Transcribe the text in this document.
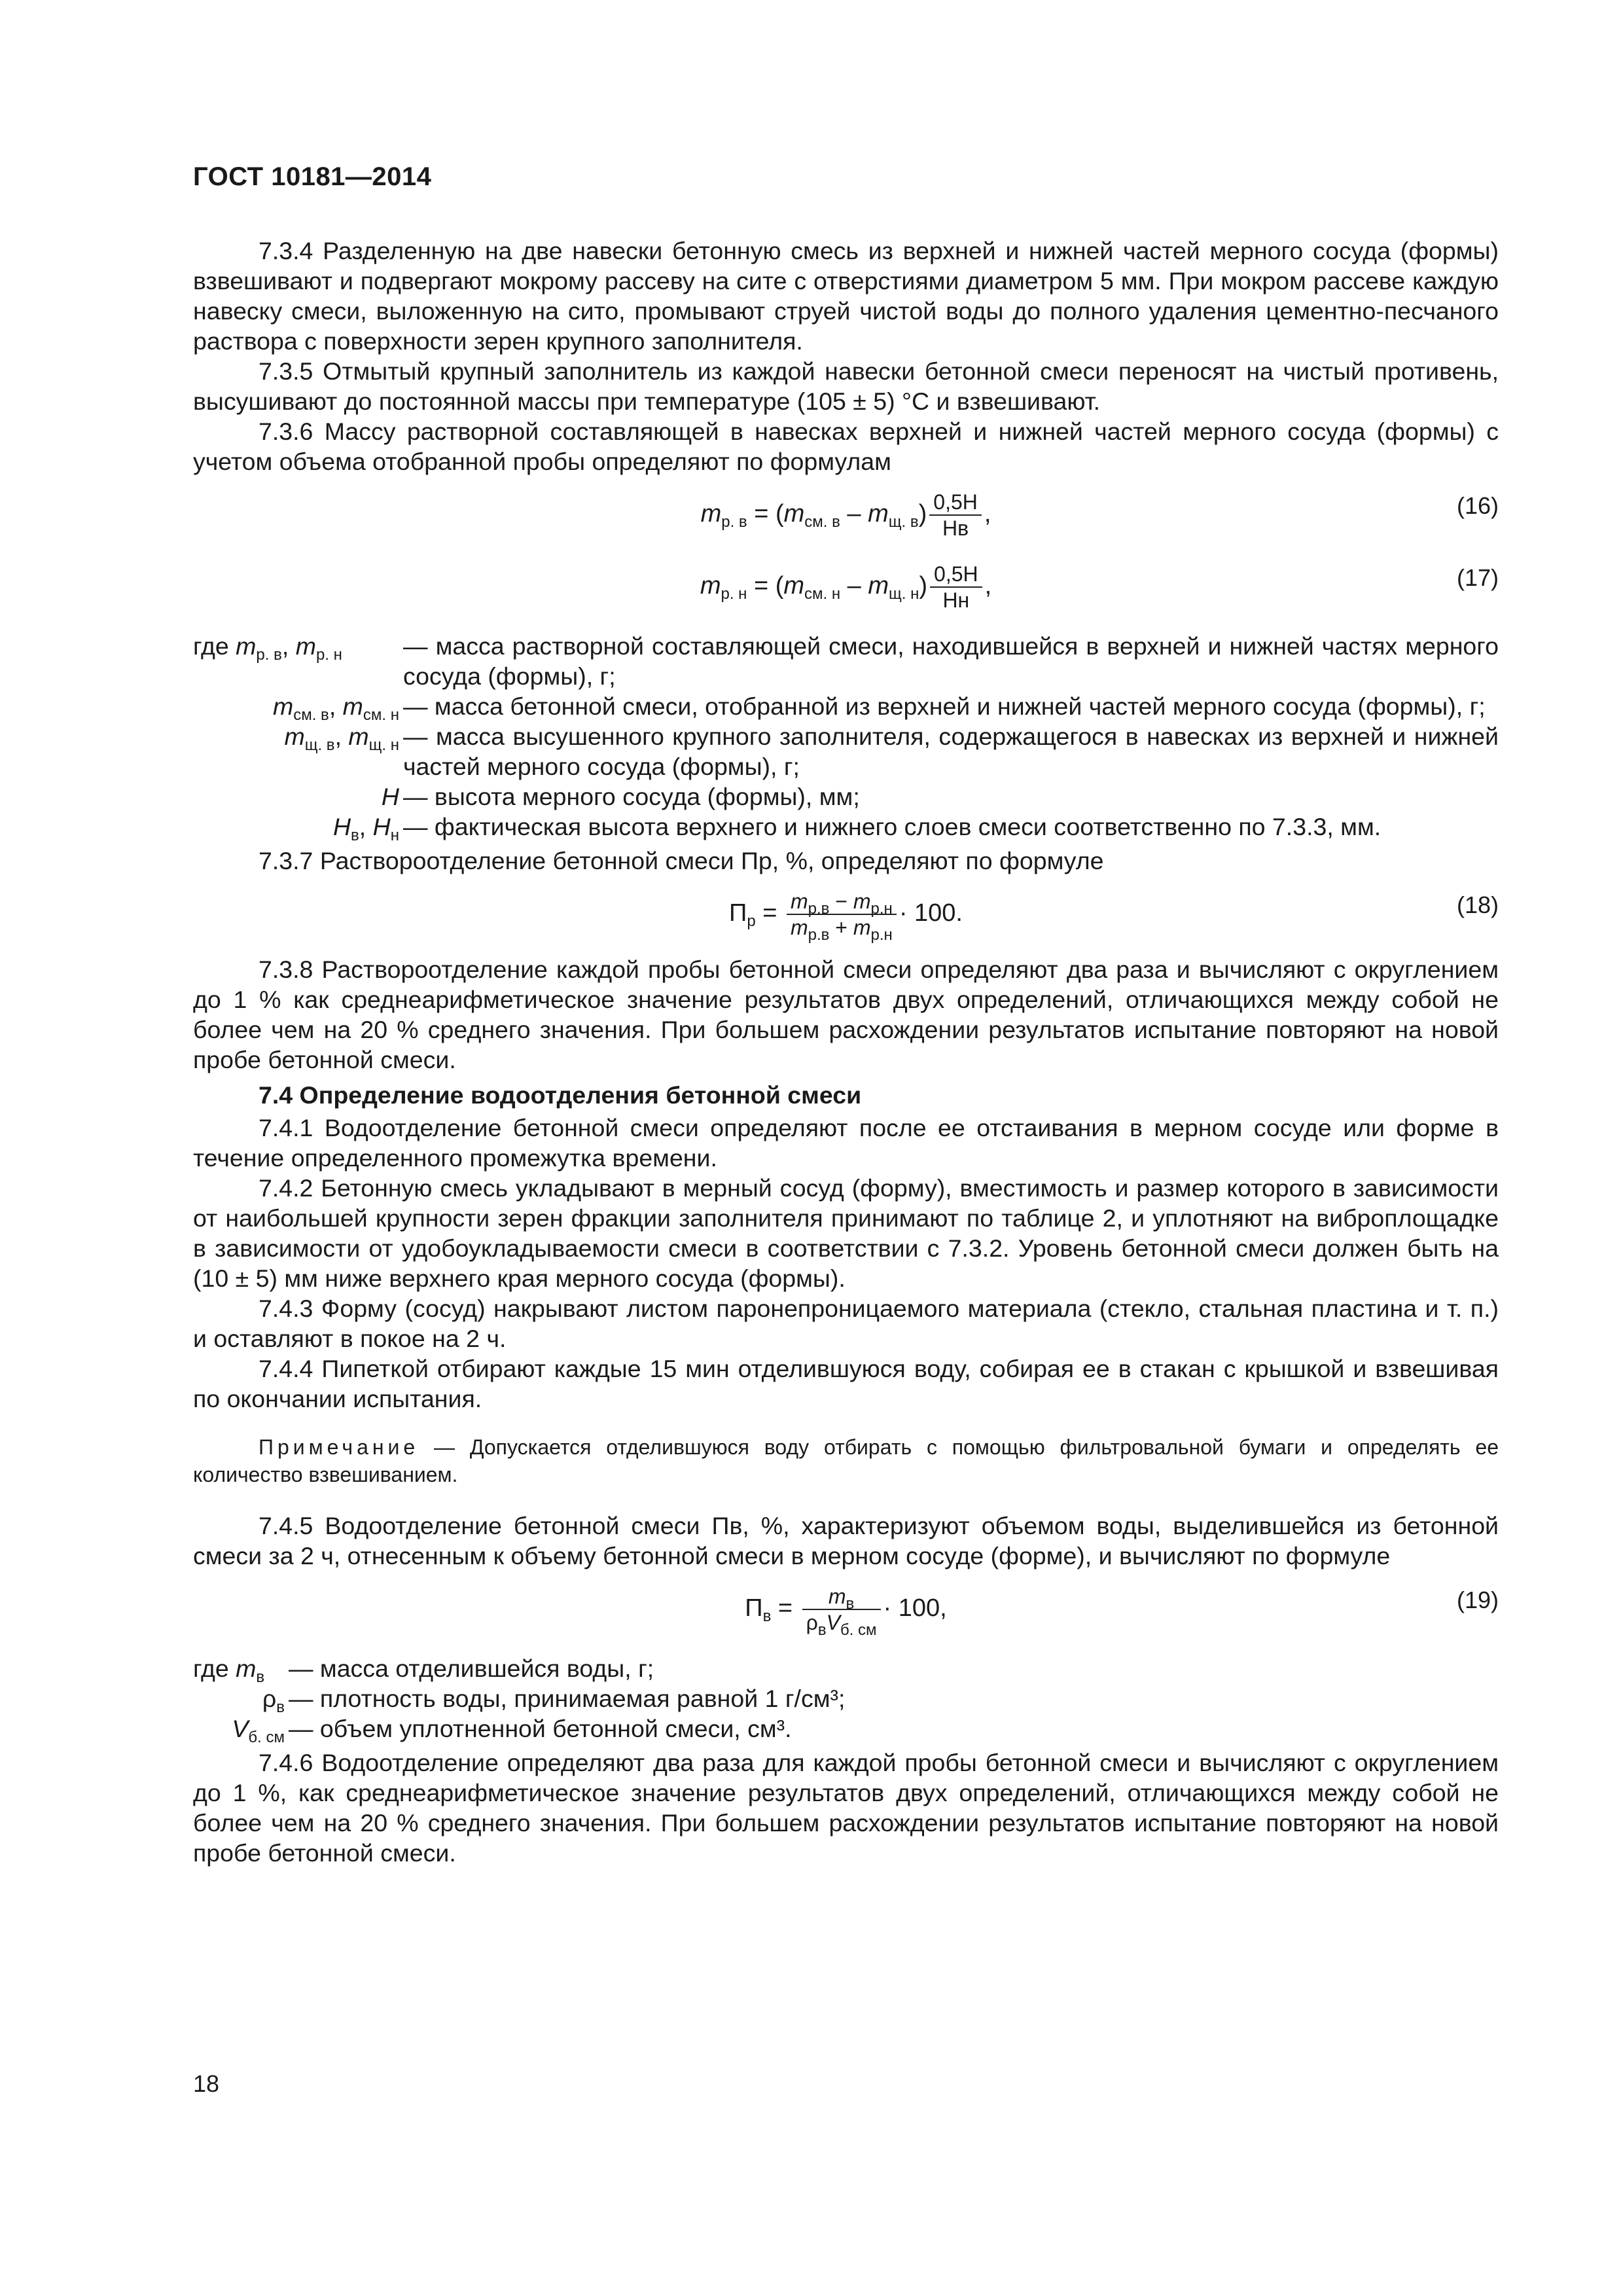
ГОСТ 10181—2014

7.3.4 Разделенную на две навески бетонную смесь из верхней и нижней частей мерного сосуда (формы) взвешивают и подвергают мокрому рассеву на сите с отверстиями диаметром 5 мм. При мокром рассеве каждую навеску смеси, выложенную на сито, промывают струей чистой воды до полного удаления цементно-песчаного раствора с поверхности зерен крупного заполнителя.

7.3.5 Отмытый крупный заполнитель из каждой навески бетонной смеси переносят на чистый противень, высушивают до постоянной массы при температуре (105 ± 5) °С и взвешивают.

7.3.6 Массу растворной составляющей в навесках верхней и нижней частей мерного сосуда (формы) с учетом объема отобранной пробы определяют по формулам

$m_{р. в} = (m_{см. в} - m_{щ. в}) \frac{0,5H}{Hв}$ ,	(16)
$m_{р. н} = (m_{см. н} - m_{щ. н}) \frac{0,5H}{Hн}$ ,	(17)
где $m_{р. в}$, $m_{р. н}$	— масса растворной составляющей смеси, находившейся в верхней и нижней частях мерного сосуда (формы), г;
$m_{см. в}$, $m_{см. н}$ — масса бетонной смеси, отобранной из верхней и нижней частей мерного сосуда (формы), г;
$m_{щ. в}$, $m_{щ. н}$ — масса высушенного крупного заполнителя, содержащегося в навесках из верхней и нижней частей мерного сосуда (формы), г;
H — высота мерного сосуда (формы), мм;
$H_в$, $H_н$ — фактическая высота верхнего и нижнего слоев смеси соответственно по 7.3.3, мм.

7.3.7 Раствороотделение бетонной смеси Пр, %, определяют по формуле

$П_р = \frac{m_{р.в} - m_{р.н}}{m_{р.в} + m_{р.н}} \cdot 100$.	(18)

7.3.8 Раствороотделение каждой пробы бетонной смеси определяют два раза и вычисляют с округлением до 1 % как среднеарифметическое значение результатов двух определений, отличающихся между собой не более чем на 20 % среднего значения. При большем расхождении результатов испытание повторяют на новой пробе бетонной смеси.

7.4 Определение водоотделения бетонной смеси

7.4.1 Водоотделение бетонной смеси определяют после ее отстаивания в мерном сосуде или форме в течение определенного промежутка времени.

7.4.2 Бетонную смесь укладывают в мерный сосуд (форму), вместимость и размер которого в зависимости от наибольшей крупности зерен фракции заполнителя принимают по таблице 2, и уплотняют на виброплощадке в зависимости от удобоукладываемости смеси в соответствии с 7.3.2. Уровень бетонной смеси должен быть на (10 ± 5) мм ниже верхнего края мерного сосуда (формы).

7.4.3 Форму (сосуд) накрывают листом паронепроницаемого материала (стекло, стальная пластина и т. п.) и оставляют в покое на 2 ч.

7.4.4 Пипеткой отбирают каждые 15 мин отделившуюся воду, собирая ее в стакан с крышкой и взвешивая по окончании испытания.

Примечание — Допускается отделившуюся воду отбирать с помощью фильтровальной бумаги и определять ее количество взвешиванием.

7.4.5 Водоотделение бетонной смеси Пв, %, характеризуют объемом воды, выделившейся из бетонной смеси за 2 ч, отнесенным к объему бетонной смеси в мерном сосуде (форме), и вычисляют по формуле

$П_в = \frac{m_в}{\rho_вV_{б. см}} \cdot 100$,	(19)
где $m_в$ — масса отделившейся воды, г;
$\rho_в$ — плотность воды, принимаемая равной 1 г/см³;
$V_{б. см}$ — объем уплотненной бетонной смеси, см³.

7.4.6 Водоотделение определяют два раза для каждой пробы бетонной смеси и вычисляют с округлением до 1 %, как среднеарифметическое значение результатов двух определений, отличающихся между собой не более чем на 20 % среднего значения. При большем расхождении результатов испытание повторяют на новой пробе бетонной смеси.

18
